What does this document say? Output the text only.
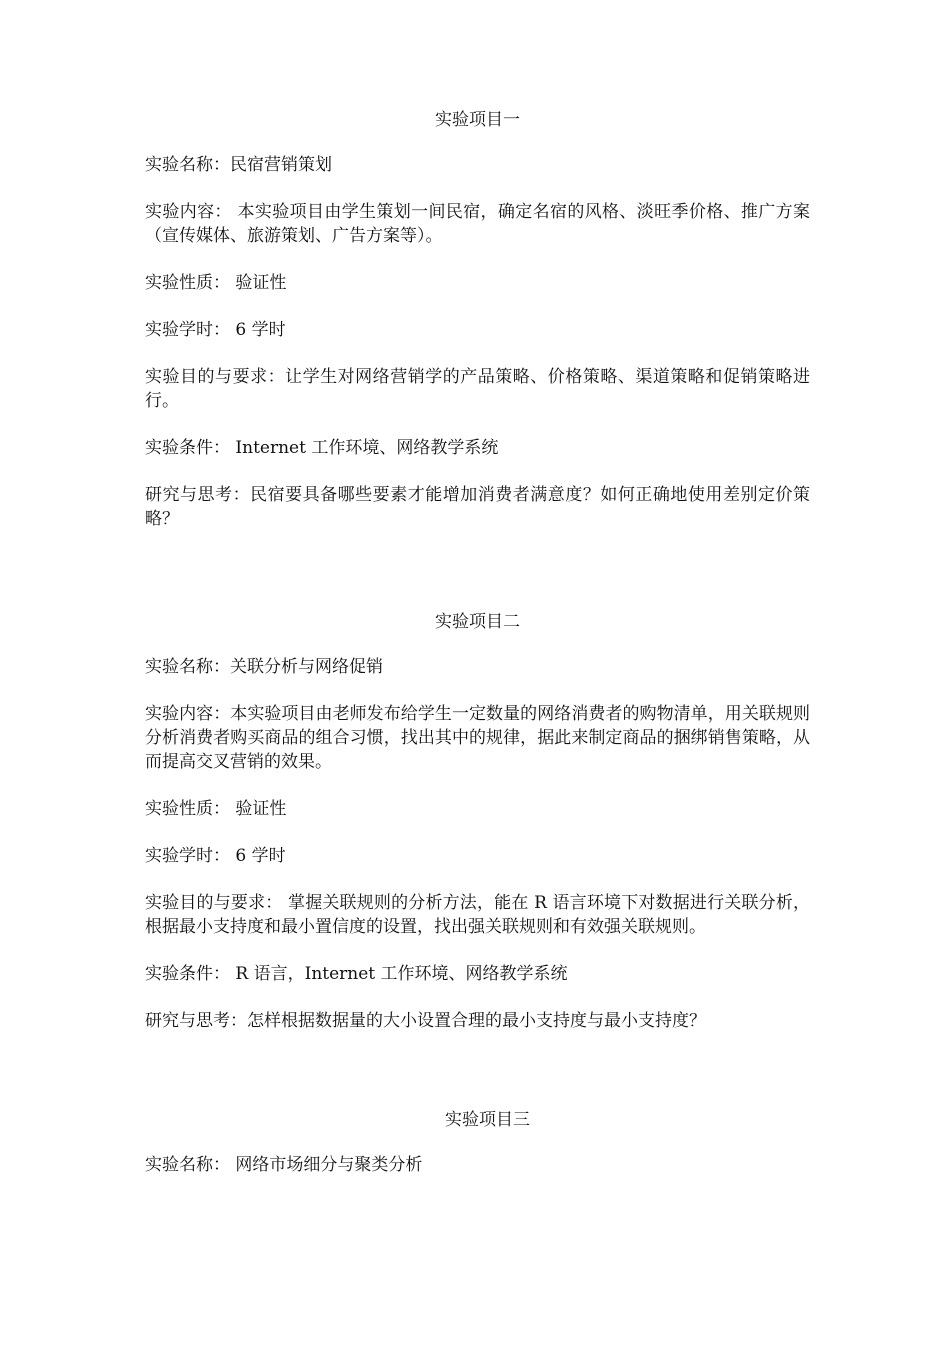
实验项目一

实验名称：民宿营销策划

实验内容： 本实验项目由学生策划一间民宿，确定名宿的风格、淡旺季价格、推广方案（宣传媒体、旅游策划、广告方案等）。

实验性质： 验证性

实验学时： 6 学时

实验目的与要求：让学生对网络营销学的产品策略、价格策略、渠道策略和促销策略进行。

实验条件： Internet 工作环境、网络教学系统

研究与思考：民宿要具备哪些要素才能增加消费者满意度？如何正确地使用差别定价策略？

实验项目二

实验名称：关联分析与网络促销

实验内容：本实验项目由老师发布给学生一定数量的网络消费者的购物清单，用关联规则分析消费者购买商品的组合习惯，找出其中的规律，据此来制定商品的捆绑销售策略，从而提高交叉营销的效果。

实验性质： 验证性

实验学时： 6 学时

实验目的与要求： 掌握关联规则的分析方法，能在 R 语言环境下对数据进行关联分析，根据最小支持度和最小置信度的设置，找出强关联规则和有效强关联规则。

实验条件： R 语言，Internet 工作环境、网络教学系统

研究与思考：怎样根据数据量的大小设置合理的最小支持度与最小支持度？

实验项目三

实验名称： 网络市场细分与聚类分析
